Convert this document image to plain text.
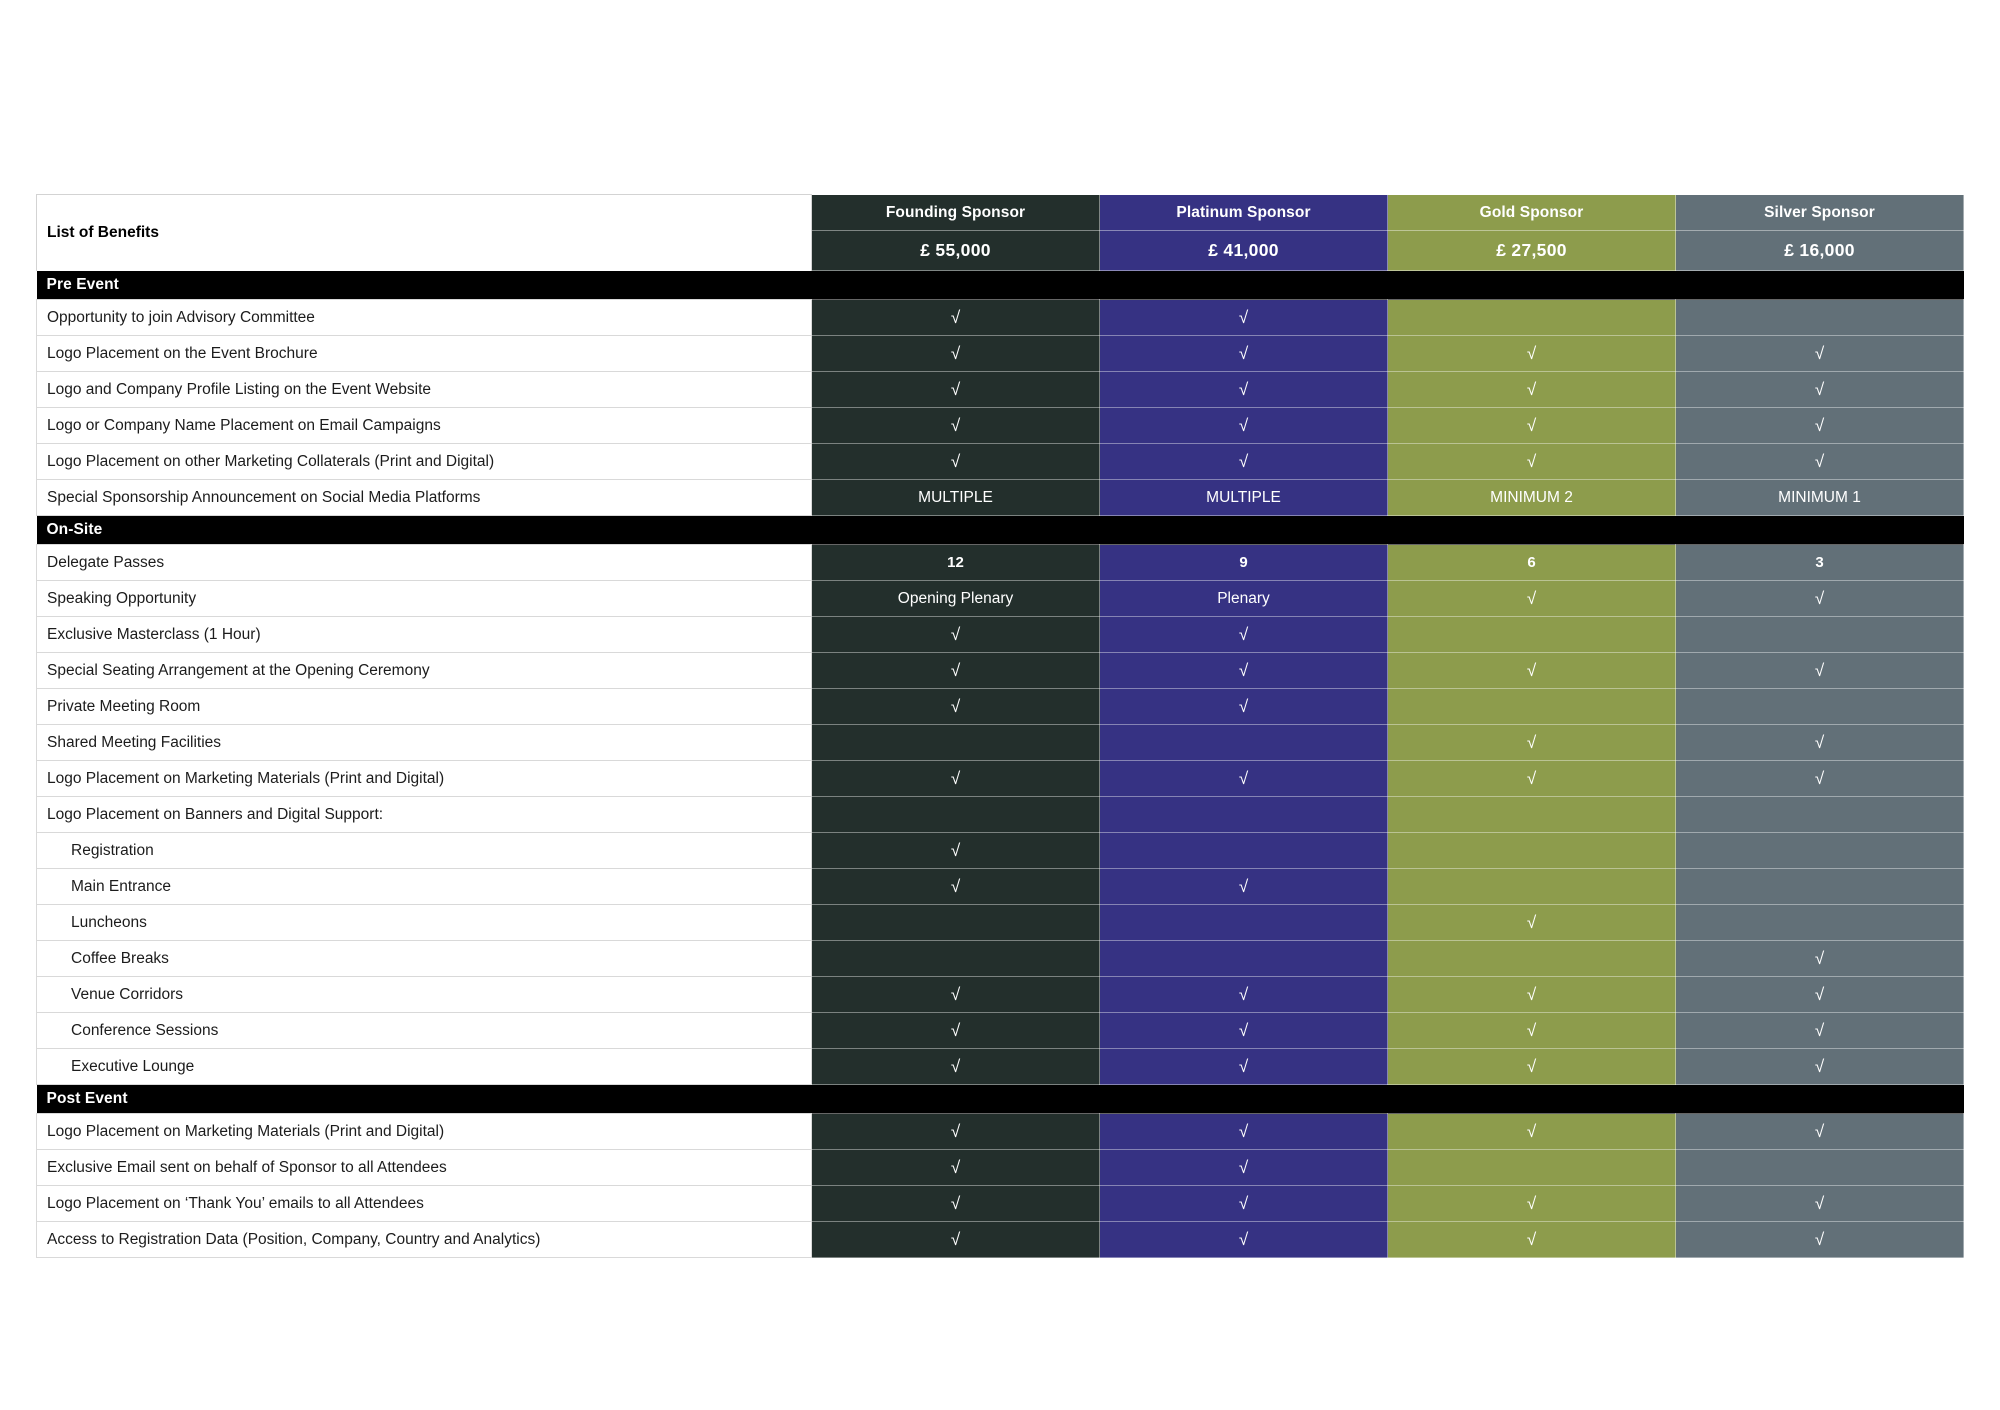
List of Benefits	Founding Sponsor	Platinum Sponsor	Gold Sponsor	Silver Sponsor
	£ 55,000	£ 41,000	£ 27,500	£ 16,000
Pre Event				
Opportunity to join Advisory Committee	√	√		
Logo Placement on the Event Brochure	√	√	√	√
Logo and Company Profile Listing on the Event Website	√	√	√	√
Logo or Company Name Placement on Email Campaigns	√	√	√	√
Logo Placement on other Marketing Collaterals (Print and Digital)	√	√	√	√
Special Sponsorship Announcement on Social Media Platforms	MULTIPLE	MULTIPLE	MINIMUM 2	MINIMUM 1
On-Site				
Delegate Passes	12	9	6	3
Speaking Opportunity	Opening Plenary	Plenary	√	√
Exclusive Masterclass (1 Hour)	√	√		
Special Seating Arrangement at the Opening Ceremony	√	√	√	√
Private Meeting Room	√	√		
Shared Meeting Facilities			√	√
Logo Placement on Marketing Materials (Print and Digital)	√	√	√	√
Logo Placement on Banners and Digital Support:				
Registration	√			
Main Entrance	√	√		
Luncheons			√	
Coffee Breaks				√
Venue Corridors	√	√	√	√
Conference Sessions	√	√	√	√
Executive Lounge	√	√	√	√
Post Event				
Logo Placement on Marketing Materials (Print and Digital)	√	√	√	√
Exclusive Email sent on behalf of Sponsor to all Attendees	√	√		
Logo Placement on ‘Thank You’ emails to all Attendees	√	√	√	√
Access to Registration Data (Position, Company, Country and Analytics)	√	√	√	√
